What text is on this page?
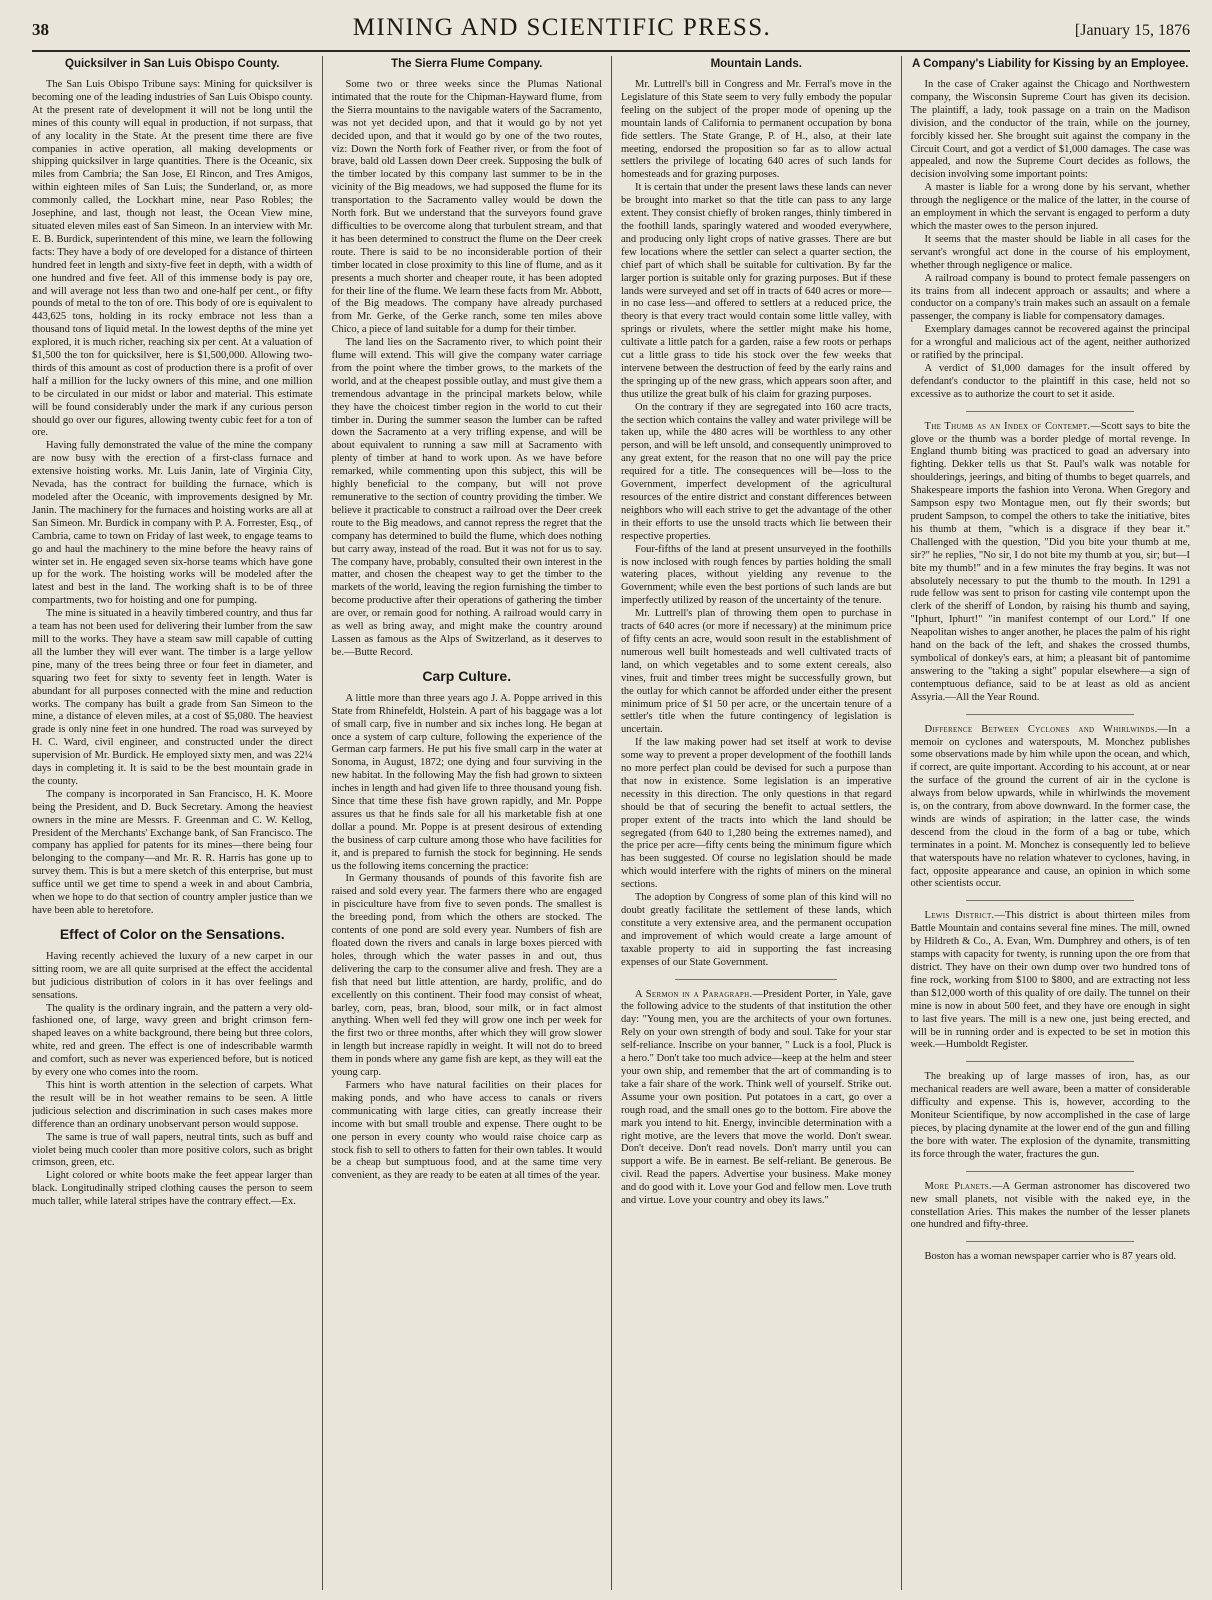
38	MINING AND SCIENTIFIC PRESS.	[January 15, 1876
Quicksilver in San Luis Obispo County.

The San Luis Obispo Tribune says: Mining for quicksilver is becoming one of the leading industries of San Luis Obispo county. At the present rate of development it will not be long until the mines of this county will equal in production, if not surpass, that of any locality in the State. At the present time there are five companies in active operation, all making developments or shipping quicksilver in large quantities. There is the Oceanic, six miles from Cambria; the San Jose, El Rincon, and Tres Amigos, within eighteen miles of San Luis; the Sunderland, or, as more commonly called, the Lockhart mine, near Paso Robles; the Josephine, and last, though not least, the Ocean View mine, situated eleven miles east of San Simeon. In an interview with Mr. E. B. Burdick, superintendent of this mine, we learn the following facts: They have a body of ore developed for a distance of thirteen hundred feet in length and sixty-five feet in depth, with a width of one hundred and five feet. All of this immense body is pay ore, and will average not less than two and one-half per cent., or fifty pounds of metal to the ton of ore. This body of ore is equivalent to 443,625 tons, holding in its rocky embrace not less than a thousand tons of liquid metal. In the lowest depths of the mine yet explored, it is much richer, reaching six per cent. At a valuation of $1,500 the ton for quicksilver, here is $1,500,000. Allowing two-thirds of this amount as cost of production there is a profit of over half a million for the lucky owners of this mine, and one million to be circulated in our midst or labor and material. This estimate will be found considerably under the mark if any curious person should go over our figures, allowing twenty cubic feet for a ton of ore.

Having fully demonstrated the value of the mine the company are now busy with the erection of a first-class furnace and extensive hoisting works. Mr. Luis Janin, late of Virginia City, Nevada, has the contract for building the furnace, which is modeled after the Oceanic, with improvements designed by Mr. Janin. The machinery for the furnaces and hoisting works are all at San Simeon. Mr. Burdick in company with P. A. Forrester, Esq., of Cambria, came to town on Friday of last week, to engage teams to go and haul the machinery to the mine before the heavy rains of winter set in. He engaged seven six-horse teams which have gone up for the work. The hoisting works will be modeled after the latest and best in the land. The working shaft is to be of three compartments, two for hoisting and one for pumping.

The mine is situated in a heavily timbered country, and thus far a team has not been used for delivering their lumber from the saw mill to the works. They have a steam saw mill capable of cutting all the lumber they will ever want. The timber is a large yellow pine, many of the trees being three or four feet in diameter, and squaring two feet for sixty to seventy feet in length. Water is abundant for all purposes connected with the mine and reduction works. The company has built a grade from San Simeon to the mine, a distance of eleven miles, at a cost of $5,080. The heaviest grade is only nine feet in one hundred. The road was surveyed by H. C. Ward, civil engineer, and constructed under the direct supervision of Mr. Burdick. He employed sixty men, and was 22¼ days in completing it. It is said to be the best mountain grade in the county.

The company is incorporated in San Francisco, H. K. Moore being the President, and D. Buck Secretary. Among the heaviest owners in the mine are Messrs. F. Greenman and C. W. Kellog, President of the Merchants' Exchange bank, of San Francisco. The company has applied for patents for its mines—there being four belonging to the company—and Mr. R. R. Harris has gone up to survey them. This is but a mere sketch of this enterprise, but must suffice until we get time to spend a week in and about Cambria, when we hope to do that section of country ampler justice than we have been able to heretofore.

Effect of Color on the Sensations.

Having recently achieved the luxury of a new carpet in our sitting room, we are all quite surprised at the effect the accidental but judicious distribution of colors in it has over feelings and sensations.

The quality is the ordinary ingrain, and the pattern a very old-fashioned one, of large, wavy green and bright crimson fern-shaped leaves on a white background, there being but three colors, white, red and green. The effect is one of indescribable warmth and comfort, such as never was experienced before, but is noticed by every one who comes into the room.

This hint is worth attention in the selection of carpets. What the result will be in hot weather remains to be seen. A little judicious selection and discrimination in such cases makes more difference than an ordinary unobservant person would suppose.

The same is true of wall papers, neutral tints, such as buff and violet being much cooler than more positive colors, such as bright crimson, green, etc.

Light colored or white boots make the feet appear larger than black. Longitudinally striped clothing causes the person to seem much taller, while lateral stripes have the contrary effect.—Ex.

The Sierra Flume Company.

Some two or three weeks since the Plumas National intimated that the route for the Chipman-Hayward flume, from the Sierra mountains to the navigable waters of the Sacramento, was not yet decided upon, and that it would go by not yet decided upon, and that it would go by one of the two routes, viz: Down the North fork of Feather river, or from the foot of brave, bald old Lassen down Deer creek. Supposing the bulk of the timber located by this company last summer to be in the vicinity of the Big meadows, we had supposed the flume for its transportation to the Sacramento valley would be down the North fork. But we understand that the surveyors found grave difficulties to be overcome along that turbulent stream, and that it has been determined to construct the flume on the Deer creek route. There is said to be no inconsiderable portion of their timber located in close proximity to this line of flume, and as it presents a much shorter and cheaper route, it has been adopted for their line of the flume. We learn these facts from Mr. Abbott, of the Big meadows. The company have already purchased from Mr. Gerke, of the Gerke ranch, some ten miles above Chico, a piece of land suitable for a dump for their timber.

The land lies on the Sacramento river, to which point their flume will extend. This will give the company water carriage from the point where the timber grows, to the markets of the world, and at the cheapest possible outlay, and must give them a tremendous advantage in the principal markets below, while they have the choicest timber region in the world to cut their timber in. During the summer season the lumber can be rafted down the Sacramento at a very trifling expense, and will be about equivalent to running a saw mill at Sacramento with plenty of timber at hand to work upon. As we have before remarked, while commenting upon this subject, this will be highly beneficial to the company, but will not prove remunerative to the section of country providing the timber. We believe it practicable to construct a railroad over the Deer creek route to the Big meadows, and cannot repress the regret that the company has determined to build the flume, which does nothing but carry away, instead of the road. But it was not for us to say. The company have, probably, consulted their own interest in the matter, and chosen the cheapest way to get the timber to the markets of the world, leaving the region furnishing the timber to become productive after their operations of gathering the timber are over, or remain good for nothing. A railroad would carry in as well as bring away, and might make the country around Lassen as famous as the Alps of Switzerland, as it deserves to be.—Butte Record.

Carp Culture.

A little more than three years ago J. A. Poppe arrived in this State from Rhinefeldt, Holstein. A part of his baggage was a lot of small carp, five in number and six inches long. He began at once a system of carp culture, following the experience of the German carp farmers. He put his five small carp in the water at Sonoma, in August, 1872; one dying and four surviving in the new habitat. In the following May the fish had grown to sixteen inches in length and had given life to three thousand young fish. Since that time these fish have grown rapidly, and Mr. Poppe assures us that he finds sale for all his marketable fish at one dollar a pound. Mr. Poppe is at present desirous of extending the business of carp culture among those who have facilities for it, and is prepared to furnish the stock for beginning. He sends us the following items concerning the practice:

In Germany thousands of pounds of this favorite fish are raised and sold every year. The farmers there who are engaged in pisciculture have from five to seven ponds. The smallest is the breeding pond, from which the others are stocked. The contents of one pond are sold every year. Numbers of fish are floated down the rivers and canals in large boxes pierced with holes, through which the water passes in and out, thus delivering the carp to the consumer alive and fresh. They are a fish that need but little attention, are hardy, prolific, and do excellently on this continent. Their food may consist of wheat, barley, corn, peas, bran, blood, sour milk, or in fact almost anything. When well fed they will grow one inch per week for the first two or three months, after which they will grow slower in length but increase rapidly in weight. It will not do to breed them in ponds where any game fish are kept, as they will eat the young carp.

Farmers who have natural facilities on their places for making ponds, and who have access to canals or rivers communicating with large cities, can greatly increase their income with but small trouble and expense. There ought to be one person in every county who would raise choice carp as stock fish to sell to others to fatten for their own tables. It would be a cheap but sumptuous food, and at the same time very convenient, as they are ready to be eaten at all times of the year.

Mountain Lands.

Mr. Luttrell's bill in Congress and Mr. Ferral's move in the Legislature of this State seem to very fully embody the popular feeling on the subject of the proper mode of opening up the mountain lands of California to permanent occupation by bona fide settlers. The State Grange, P. of H., also, at their late meeting, endorsed the proposition so far as to allow actual settlers the privilege of locating 640 acres of such lands for homesteads and for grazing purposes.

It is certain that under the present laws these lands can never be brought into market so that the title can pass to any large extent. They consist chiefly of broken ranges, thinly timbered in the foothill lands, sparingly watered and wooded everywhere, and producing only light crops of native grasses. There are but few locations where the settler can select a quarter section, the chief part of which shall be suitable for cultivation. By far the larger portion is suitable only for grazing purposes. But if these lands were surveyed and set off in tracts of 640 acres or more—in no case less—and offered to settlers at a reduced price, the theory is that every tract would contain some little valley, with springs or rivulets, where the settler might make his home, cultivate a little patch for a garden, raise a few roots or perhaps cut a little grass to tide his stock over the few weeks that intervene between the destruction of feed by the early rains and the springing up of the new grass, which appears soon after, and thus utilize the great bulk of his claim for grazing purposes.

On the contrary if they are segregated into 160 acre tracts, the section which contains the valley and water privilege will be taken up, while the 480 acres will be worthless to any other person, and will be left unsold, and consequently unimproved to any great extent, for the reason that no one will pay the price required for a title. The consequences will be—loss to the Government, imperfect development of the agricultural resources of the entire district and constant differences between neighbors who will each strive to get the advantage of the other in their efforts to use the unsold tracts which lie between their respective properties.

Four-fifths of the land at present unsurveyed in the foothills is now inclosed with rough fences by parties holding the small watering places, without yielding any revenue to the Government; while even the best portions of such lands are but imperfectly utilized by reason of the uncertainty of the tenure.

Mr. Luttrell's plan of throwing them open to purchase in tracts of 640 acres (or more if necessary) at the minimum price of fifty cents an acre, would soon result in the establishment of numerous well built homesteads and well cultivated tracts of land, on which vegetables and to some extent cereals, also vines, fruit and timber trees might be successfully grown, but the outlay for which cannot be afforded under either the present minimum price of $1 50 per acre, or the uncertain tenure of a settler's title when the future contingency of legislation is uncertain.

If the law making power had set itself at work to devise some way to prevent a proper development of the foothill lands no more perfect plan could be devised for such a purpose than that now in existence. Some legislation is an imperative necessity in this direction. The only questions in that regard should be that of securing the benefit to actual settlers, the proper extent of the tracts into which the land should be segregated (from 640 to 1,280 being the extremes named), and the price per acre—fifty cents being the minimum figure which has been suggested. Of course no legislation should be made which would interfere with the rights of miners on the mineral sections.

The adoption by Congress of some plan of this kind will no doubt greatly facilitate the settlement of these lands, which constitute a very extensive area, and the permanent occupation and improvement of which would create a large amount of taxable property to aid in supporting the fast increasing expenses of our State Government.

A Sermon in a Paragraph.—President Porter, in Yale, gave the following advice to the students of that institution the other day: "Young men, you are the architects of your own fortunes. Rely on your own strength of body and soul. Take for your star self-reliance. Inscribe on your banner, " Luck is a fool, Pluck is a hero." Don't take too much advice—keep at the helm and steer your own ship, and remember that the art of commanding is to take a fair share of the work. Think well of yourself. Strike out. Assume your own position. Put potatoes in a cart, go over a rough road, and the small ones go to the bottom. Fire above the mark you intend to hit. Energy, invincible determination with a right motive, are the levers that move the world. Don't swear. Don't deceive. Don't read novels. Don't marry until you can support a wife. Be in earnest. Be self-reliant. Be generous. Be civil. Read the papers. Advertise your business. Make money and do good with it. Love your God and fellow men. Love truth and virtue. Love your country and obey its laws."

A Company's Liability for Kissing by an Employee.

In the case of Craker against the Chicago and Northwestern company, the Wisconsin Supreme Court has given its decision. The plaintiff, a lady, took passage on a train on the Madison division, and the conductor of the train, while on the journey, forcibly kissed her. She brought suit against the company in the Circuit Court, and got a verdict of $1,000 damages. The case was appealed, and now the Supreme Court decides as follows, the decision involving some important points:

A master is liable for a wrong done by his servant, whether through the negligence or the malice of the latter, in the course of an employment in which the servant is engaged to perform a duty which the master owes to the person injured.

It seems that the master should be liable in all cases for the servant's wrongful act done in the course of his employment, whether through negligence or malice.

A railroad company is bound to protect female passengers on its trains from all indecent approach or assaults; and where a conductor on a company's train makes such an assault on a female passenger, the company is liable for compensatory damages.

Exemplary damages cannot be recovered against the principal for a wrongful and malicious act of the agent, neither authorized or ratified by the principal.

A verdict of $1,000 damages for the insult offered by defendant's conductor to the plaintiff in this case, held not so excessive as to authorize the court to set it aside.

The Thumb as an Index of Contempt.—Scott says to bite the glove or the thumb was a border pledge of mortal revenge. In England thumb biting was practiced to goad an adversary into fighting. Dekker tells us that St. Paul's walk was notable for shoulderings, jeerings, and biting of thumbs to beget quarrels, and Shakespeare imports the fashion into Verona. When Gregory and Sampson espy two Montague men, out fly their swords; but prudent Sampson, to compel the others to take the initiative, bites his thumb at them, "which is a disgrace if they bear it." Challenged with the question, "Did you bite your thumb at me, sir?" he replies, "No sir, I do not bite my thumb at you, sir; but—I bite my thumb!" and in a few minutes the fray begins. It was not absolutely necessary to put the thumb to the mouth. In 1291 a rude fellow was sent to prison for casting vile contempt upon the clerk of the sheriff of London, by raising his thumb and saying, "Iphurt, Iphurt!" "in manifest contempt of our Lord." If one Neapolitan wishes to anger another, he places the palm of his right hand on the back of the left, and shakes the crossed thumbs, symbolical of donkey's ears, at him; a pleasant bit of pantomime answering to the "taking a sight" popular elsewhere—a sign of contemptuous defiance, said to be at least as old as ancient Assyria.—All the Year Round.

Difference Between Cyclones and Whirlwinds.—In a memoir on cyclones and waterspouts, M. Monchez publishes some observations made by him while upon the ocean, and which, if correct, are quite important. According to his account, at or near the surface of the ground the current of air in the cyclone is always from below upwards, while in whirlwinds the movement is, on the contrary, from above downward. In the former case, the winds are winds of aspiration; in the latter case, the winds descend from the cloud in the form of a bag or tube, which terminates in a point. M. Monchez is consequently led to believe that waterspouts have no relation whatever to cyclones, having, in fact, opposite appearance and cause, an opinion in which some other scientists occur.

Lewis District.—This district is about thirteen miles from Battle Mountain and contains several fine mines. The mill, owned by Hildreth & Co., A. Evan, Wm. Dumphrey and others, is of ten stamps with capacity for twenty, is running upon the ore from that district. They have on their own dump over two hundred tons of fine rock, working from $100 to $800, and are extracting not less than $12,000 worth of this quality of ore daily. The tunnel on their mine is now in about 500 feet, and they have ore enough in sight to last five years. The mill is a new one, just being erected, and will be in running order and is expected to be set in motion this week.—Humboldt Register.

The breaking up of large masses of iron, has, as our mechanical readers are well aware, been a matter of considerable difficulty and expense. This is, however, according to the Moniteur Scientifique, by now accomplished in the case of large pieces, by placing dynamite at the lower end of the gun and filling the bore with water. The explosion of the dynamite, transmitting its force through the water, fractures the gun.

More Planets.—A German astronomer has discovered two new small planets, not visible with the naked eye, in the constellation Aries. This makes the number of the lesser planets one hundred and fifty-three.

Boston has a woman newspaper carrier who is 87 years old.
